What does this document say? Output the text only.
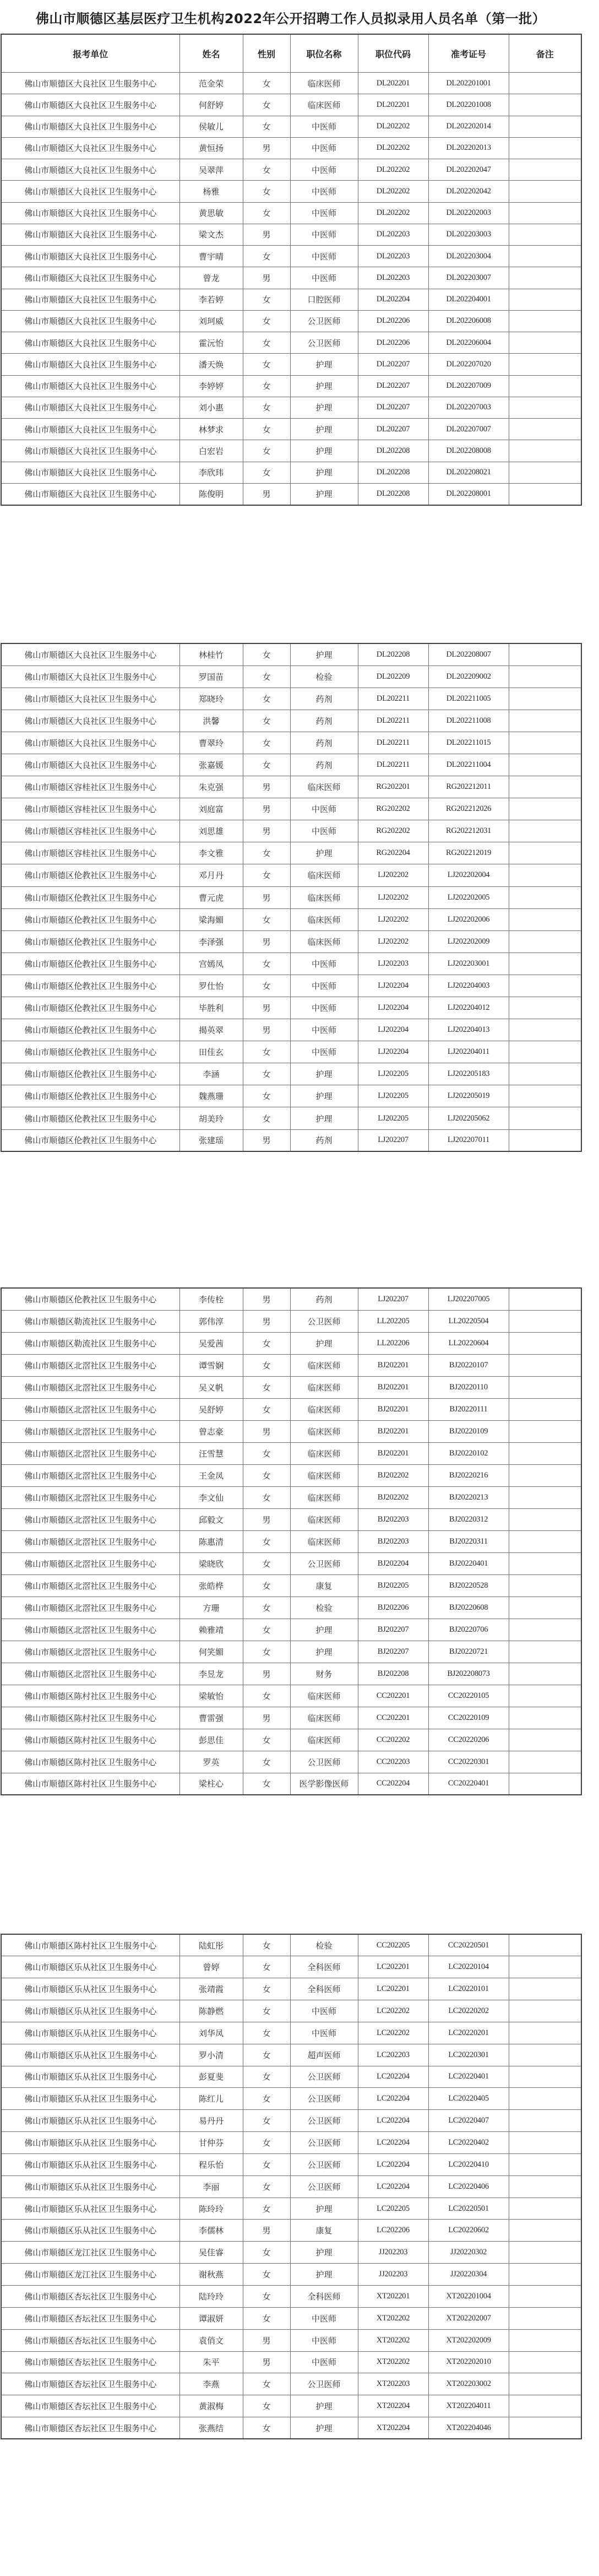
佛山市顺德区基层医疗卫生机构2022年公开招聘工作人员拟录用人员名单（第一批）
报考单位	姓名	性别	职位名称	职位代码	准考证号	备注
佛山市顺德区大良社区卫生服务中心	范金荣	女	临床医师	DL202201	DL202201001	
佛山市顺德区大良社区卫生服务中心	何舒婷	女	临床医师	DL202201	DL202201008	
佛山市顺德区大良社区卫生服务中心	侯敏儿	女	中医师	DL202202	DL202202014	
佛山市顺德区大良社区卫生服务中心	黄恒扬	男	中医师	DL202202	DL202202013	
佛山市顺德区大良社区卫生服务中心	吴翠萍	女	中医师	DL202202	DL202202047	
佛山市顺德区大良社区卫生服务中心	杨雅	女	中医师	DL202202	DL202202042	
佛山市顺德区大良社区卫生服务中心	黄思敏	女	中医师	DL202202	DL202202003	
佛山市顺德区大良社区卫生服务中心	梁文杰	男	中医师	DL202203	DL202203003	
佛山市顺德区大良社区卫生服务中心	曹宇晴	女	中医师	DL202203	DL202203004	
佛山市顺德区大良社区卫生服务中心	曾龙	男	中医师	DL202203	DL202203007	
佛山市顺德区大良社区卫生服务中心	李若婷	女	口腔医师	DL202204	DL202204001	
佛山市顺德区大良社区卫生服务中心	刘珂威	女	公卫医师	DL202206	DL202206008	
佛山市顺德区大良社区卫生服务中心	霍沅怡	女	公卫医师	DL202206	DL202206004	
佛山市顺德区大良社区卫生服务中心	潘天焕	女	护理	DL202207	DL202207020	
佛山市顺德区大良社区卫生服务中心	李婷婷	女	护理	DL202207	DL202207009	
佛山市顺德区大良社区卫生服务中心	刘小惠	女	护理	DL202207	DL202207003	
佛山市顺德区大良社区卫生服务中心	林梦求	女	护理	DL202207	DL202207007	
佛山市顺德区大良社区卫生服务中心	白宏岩	女	护理	DL202208	DL202208008	
佛山市顺德区大良社区卫生服务中心	李欣玮	女	护理	DL202208	DL202208021	
佛山市顺德区大良社区卫生服务中心	陈俊明	男	护理	DL202208	DL202208001	
佛山市顺德区大良社区卫生服务中心	林桂竹	女	护理	DL202208	DL202208007	
佛山市顺德区大良社区卫生服务中心	罗国苗	女	检验	DL202209	DL202209002	
佛山市顺德区大良社区卫生服务中心	郑晓玲	女	药剂	DL202211	DL202211005	
佛山市顺德区大良社区卫生服务中心	洪馨	女	药剂	DL202211	DL202211008	
佛山市顺德区大良社区卫生服务中心	曹翠玲	女	药剂	DL202211	DL202211015	
佛山市顺德区大良社区卫生服务中心	张嘉媛	女	药剂	DL202211	DL202211004	
佛山市顺德区容桂社区卫生服务中心	朱克强	男	临床医师	RG202201	RG202212011	
佛山市顺德区容桂社区卫生服务中心	刘庭富	男	中医师	RG202202	RG202212026	
佛山市顺德区容桂社区卫生服务中心	刘思雄	男	中医师	RG202202	RG202212031	
佛山市顺德区容桂社区卫生服务中心	李文雅	女	护理	RG202204	RG202212019	
佛山市顺德区伦教社区卫生服务中心	邓月丹	女	临床医师	LJ202202	LJ202202004	
佛山市顺德区伦教社区卫生服务中心	曹元虎	男	临床医师	LJ202202	LJ202202005	
佛山市顺德区伦教社区卫生服务中心	梁海媚	女	临床医师	LJ202202	LJ202202006	
佛山市顺德区伦教社区卫生服务中心	李泽强	男	临床医师	LJ202202	LJ202202009	
佛山市顺德区伦教社区卫生服务中心	宫嫣凤	女	中医师	LJ202203	LJ202203001	
佛山市顺德区伦教社区卫生服务中心	罗仕怡	女	中医师	LJ202204	LJ202204003	
佛山市顺德区伦教社区卫生服务中心	毕胜利	男	中医师	LJ202204	LJ202204012	
佛山市顺德区伦教社区卫生服务中心	揭英翠	男	中医师	LJ202204	LJ202204013	
佛山市顺德区伦教社区卫生服务中心	田佳玄	女	中医师	LJ202204	LJ202204011	
佛山市顺德区伦教社区卫生服务中心	李涵	女	护理	LJ202205	LJ202205183	
佛山市顺德区伦教社区卫生服务中心	魏燕珊	女	护理	LJ202205	LJ202205019	
佛山市顺德区伦教社区卫生服务中心	胡美玲	女	护理	LJ202205	LJ202205062	
佛山市顺德区伦教社区卫生服务中心	张建瑶	男	药剂	LJ202207	LJ202207011	
佛山市顺德区伦教社区卫生服务中心	李传栓	男	药剂	LJ202207	LJ202207005	
佛山市顺德区勒流社区卫生服务中心	郭伟淳	男	公卫医师	LL202205	LL20220504	
佛山市顺德区勒流社区卫生服务中心	吴爱茜	女	护理	LL202206	LL20220604	
佛山市顺德区北滘社区卫生服务中心	谭雪娴	女	临床医师	BJ202201	BJ20220107	
佛山市顺德区北滘社区卫生服务中心	吴义帆	女	临床医师	BJ202201	BJ20220110	
佛山市顺德区北滘社区卫生服务中心	吴舒婷	女	临床医师	BJ202201	BJ20220111	
佛山市顺德区北滘社区卫生服务中心	曾志豪	男	临床医师	BJ202201	BJ20220109	
佛山市顺德区北滘社区卫生服务中心	汪雪慧	女	临床医师	BJ202201	BJ20220102	
佛山市顺德区北滘社区卫生服务中心	王金凤	女	临床医师	BJ202202	BJ20220216	
佛山市顺德区北滘社区卫生服务中心	李文仙	女	临床医师	BJ202202	BJ20220213	
佛山市顺德区北滘社区卫生服务中心	邱毅文	男	临床医师	BJ202203	BJ20220312	
佛山市顺德区北滘社区卫生服务中心	陈惠清	女	临床医师	BJ202203	BJ20220311	
佛山市顺德区北滘社区卫生服务中心	梁晓欣	女	公卫医师	BJ202204	BJ20220401	
佛山市顺德区北滘社区卫生服务中心	张皓桦	女	康复	BJ202205	BJ20220528	
佛山市顺德区北滘社区卫生服务中心	方珊	女	检验	BJ202206	BJ20220608	
佛山市顺德区北滘社区卫生服务中心	赖雅靖	女	护理	BJ202207	BJ20220706	
佛山市顺德区北滘社区卫生服务中心	何笑媚	女	护理	BJ202207	BJ20220721	
佛山市顺德区北滘社区卫生服务中心	李昱龙	男	财务	BJ202208	BJ202208073	
佛山市顺德区陈村社区卫生服务中心	梁敏怡	女	临床医师	CC202201	CC20220105	
佛山市顺德区陈村社区卫生服务中心	曹雷强	男	临床医师	CC202201	CC20220109	
佛山市顺德区陈村社区卫生服务中心	彭思佳	女	临床医师	CC202202	CC20220206	
佛山市顺德区陈村社区卫生服务中心	罗英	女	公卫医师	CC202203	CC20220301	
佛山市顺德区陈村社区卫生服务中心	梁柱心	女	医学影像医师	CC202204	CC20220401	
佛山市顺德区陈村社区卫生服务中心	陆虹彤	女	检验	CC202205	CC20220501	
佛山市顺德区乐从社区卫生服务中心	曾婷	女	全科医师	LC202201	LC20220104	
佛山市顺德区乐从社区卫生服务中心	张靖霞	女	全科医师	LC202201	LC20220101	
佛山市顺德区乐从社区卫生服务中心	陈静燃	女	中医师	LC202202	LC20220202	
佛山市顺德区乐从社区卫生服务中心	刘华凤	女	中医师	LC202202	LC20220201	
佛山市顺德区乐从社区卫生服务中心	罗小清	女	超声医师	LC202203	LC20220301	
佛山市顺德区乐从社区卫生服务中心	彭夏斐	女	公卫医师	LC202204	LC20220401	
佛山市顺德区乐从社区卫生服务中心	陈红儿	女	公卫医师	LC202204	LC20220405	
佛山市顺德区乐从社区卫生服务中心	易丹丹	女	公卫医师	LC202204	LC20220407	
佛山市顺德区乐从社区卫生服务中心	甘仲芬	女	公卫医师	LC202204	LC20220402	
佛山市顺德区乐从社区卫生服务中心	程乐怡	女	公卫医师	LC202204	LC20220410	
佛山市顺德区乐从社区卫生服务中心	李丽	女	公卫医师	LC202204	LC20220406	
佛山市顺德区乐从社区卫生服务中心	陈玲玲	女	护理	LC202205	LC20220501	
佛山市顺德区乐从社区卫生服务中心	李儒林	男	康复	LC202206	LC20220602	
佛山市顺德区龙江社区卫生服务中心	吴佳睿	女	护理	JJ202203	JJ20220302	
佛山市顺德区龙江社区卫生服务中心	谢秋燕	女	护理	JJ202203	JJ20220304	
佛山市顺德区杏坛社区卫生服务中心	陆玲玲	女	全科医师	XT202201	XT202201004	
佛山市顺德区杏坛社区卫生服务中心	谭淑妍	女	中医师	XT202202	XT202202007	
佛山市顺德区杏坛社区卫生服务中心	袁俏文	男	中医师	XT202202	XT202202009	
佛山市顺德区杏坛社区卫生服务中心	朱平	男	中医师	XT202202	XT202202010	
佛山市顺德区杏坛社区卫生服务中心	李燕	女	公卫医师	XT202203	XT202203002	
佛山市顺德区杏坛社区卫生服务中心	黄淑梅	女	护理	XT202204	XT202204011	
佛山市顺德区杏坛社区卫生服务中心	张燕结	女	护理	XT202204	XT202204046	
